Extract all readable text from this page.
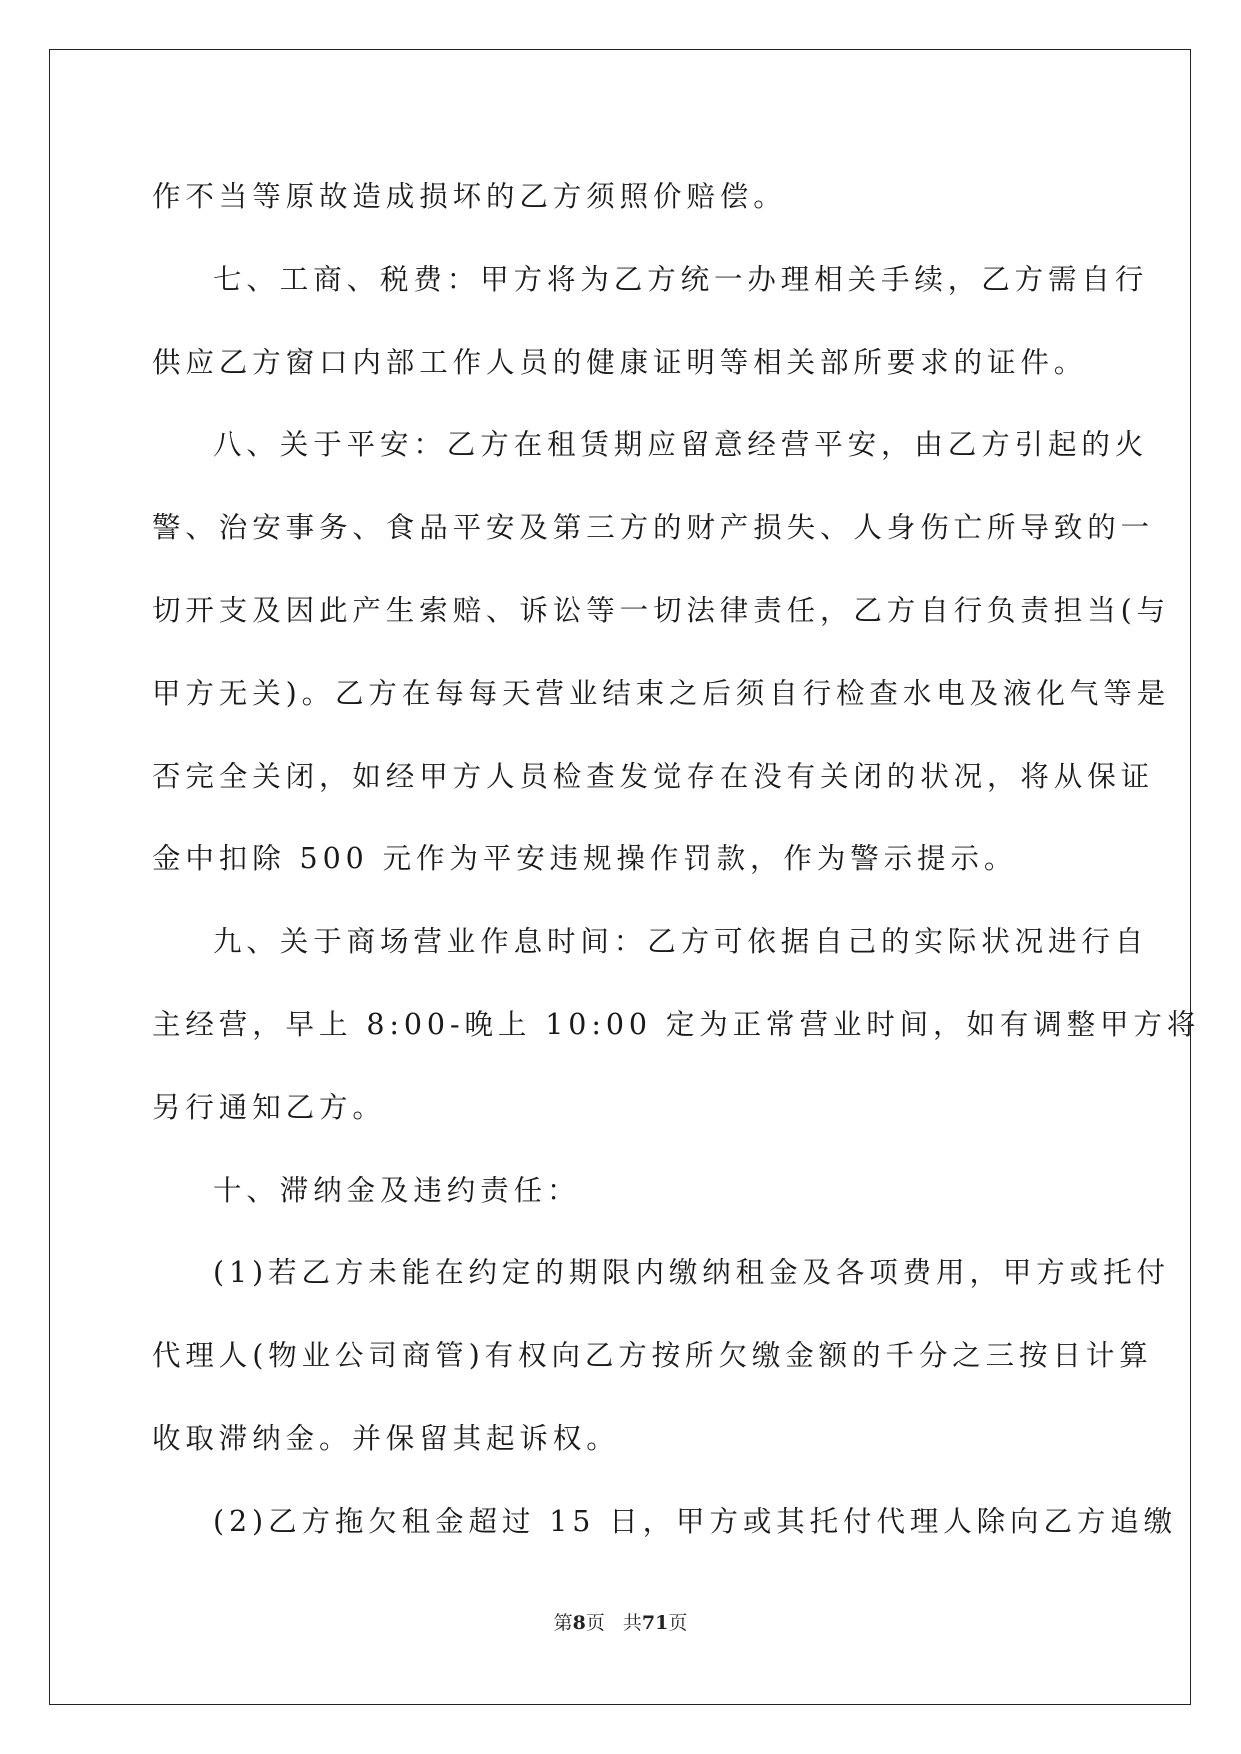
作不当等原故造成损坏的乙方须照价赔偿。
七、工商、税费：甲方将为乙方统一办理相关手续，乙方需自行
供应乙方窗口内部工作人员的健康证明等相关部所要求的证件。
八、关于平安：乙方在租赁期应留意经营平安，由乙方引起的火
警、治安事务、食品平安及第三方的财产损失、人身伤亡所导致的一
切开支及因此产生索赔、诉讼等一切法律责任，乙方自行负责担当(与
甲方无关)。乙方在每每天营业结束之后须自行检查水电及液化气等是
否完全关闭，如经甲方人员检查发觉存在没有关闭的状况，将从保证
金中扣除 500 元作为平安违规操作罚款，作为警示提示。
九、关于商场营业作息时间：乙方可依据自己的实际状况进行自
主经营，早上 8:00-晚上 10:00 定为正常营业时间，如有调整甲方将
另行通知乙方。
十、滞纳金及违约责任：
(1)若乙方未能在约定的期限内缴纳租金及各项费用，甲方或托付
代理人(物业公司商管)有权向乙方按所欠缴金额的千分之三按日计算
收取滞纳金。并保留其起诉权。
(2)乙方拖欠租金超过 15 日，甲方或其托付代理人除向乙方追缴
第8页 共71页
